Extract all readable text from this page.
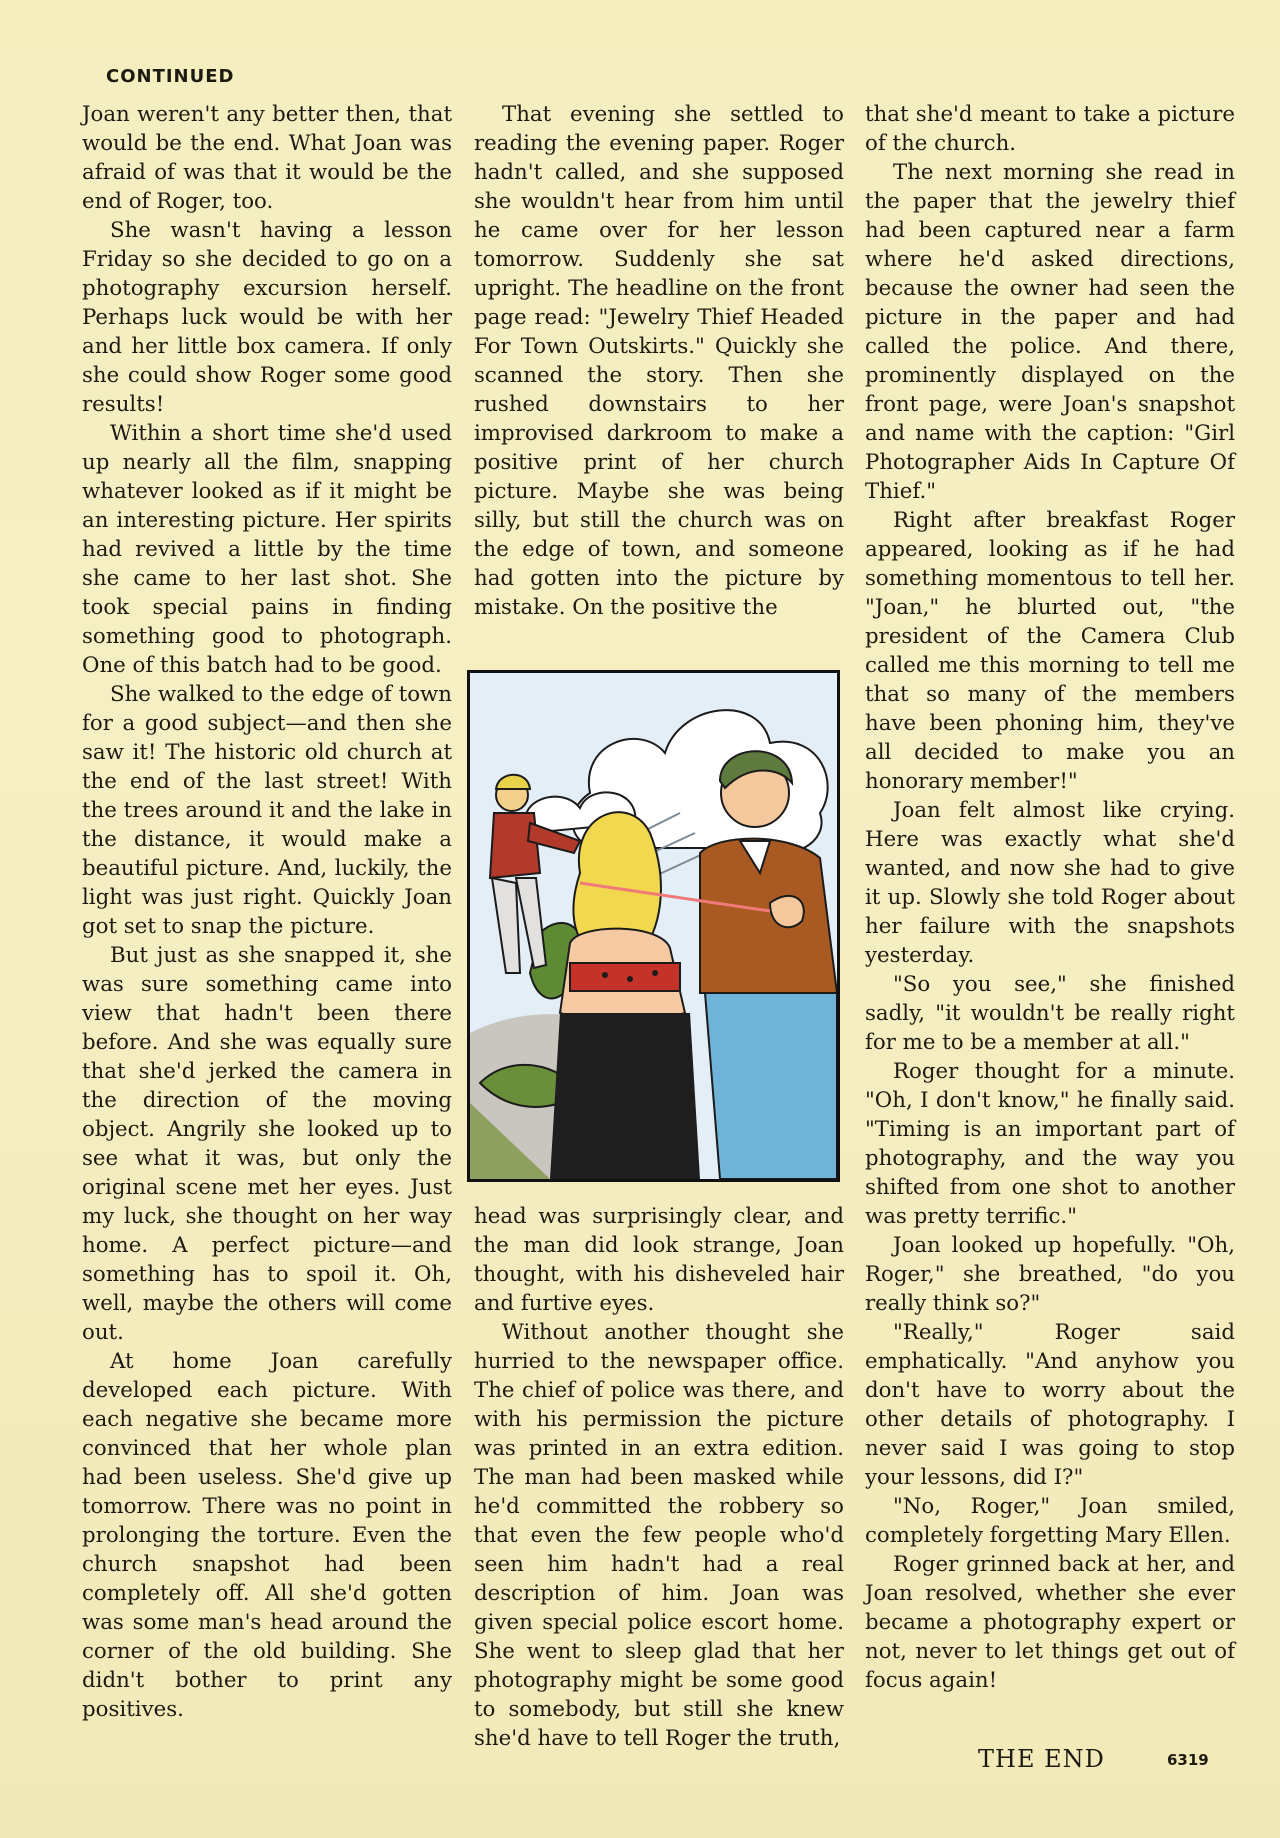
CONTINUED

Joan weren't any better then, that would be the end. What Joan was afraid of was that it would be the end of Roger, too.

She wasn't having a lesson Friday so she decided to go on a photography excursion herself. Perhaps luck would be with her and her little box camera. If only she could show Roger some good results!

Within a short time she'd used up nearly all the film, snapping whatever looked as if it might be an interesting picture. Her spirits had revived a little by the time she came to her last shot. She took special pains in finding something good to photograph. One of this batch had to be good.

She walked to the edge of town for a good subject—and then she saw it! The historic old church at the end of the last street! With the trees around it and the lake in the distance, it would make a beautiful picture. And, luckily, the light was just right. Quickly Joan got set to snap the picture.

But just as she snapped it, she was sure something came into view that hadn't been there before. And she was equally sure that she'd jerked the camera in the direction of the moving object. Angrily she looked up to see what it was, but only the original scene met her eyes. Just my luck, she thought on her way home. A perfect picture—and something has to spoil it. Oh, well, maybe the others will come out.

At home Joan carefully developed each picture. With each negative she became more convinced that her whole plan had been useless. She'd give up tomorrow. There was no point in prolonging the torture. Even the church snapshot had been completely off. All she'd gotten was some man's head around the corner of the old building. She didn't bother to print any positives.

That evening she settled to reading the evening paper. Roger hadn't called, and she supposed she wouldn't hear from him until he came over for her lesson tomorrow. Suddenly she sat upright. The headline on the front page read: "Jewelry Thief Headed For Town Outskirts." Quickly she scanned the story. Then she rushed downstairs to her improvised darkroom to make a positive print of her church picture. Maybe she was being silly, but still the church was on the edge of town, and someone had gotten into the picture by mistake. On the positive the

head was surprisingly clear, and the man did look strange, Joan thought, with his disheveled hair and furtive eyes.

Without another thought she hurried to the newspaper office. The chief of police was there, and with his permission the picture was printed in an extra edition. The man had been masked while he'd committed the robbery so that even the few people who'd seen him hadn't had a real description of him. Joan was given special police escort home. She went to sleep glad that her photography might be some good to somebody, but still she knew she'd have to tell Roger the truth,

that she'd meant to take a picture of the church.

The next morning she read in the paper that the jewelry thief had been captured near a farm where he'd asked directions, because the owner had seen the picture in the paper and had called the police. And there, prominently displayed on the front page, were Joan's snapshot and name with the caption: "Girl Photographer Aids In Capture Of Thief."

Right after breakfast Roger appeared, looking as if he had something momentous to tell her. "Joan," he blurted out, "the president of the Camera Club called me this morning to tell me that so many of the members have been phoning him, they've all decided to make you an honorary member!"

Joan felt almost like crying. Here was exactly what she'd wanted, and now she had to give it up. Slowly she told Roger about her failure with the snapshots yesterday.

"So you see," she finished sadly, "it wouldn't be really right for me to be a member at all."

Roger thought for a minute. "Oh, I don't know," he finally said. "Timing is an important part of photography, and the way you shifted from one shot to another was pretty terrific."

Joan looked up hopefully. "Oh, Roger," she breathed, "do you really think so?"

"Really," Roger said emphatically. "And anyhow you don't have to worry about the other details of photography. I never said I was going to stop your lessons, did I?"

"No, Roger," Joan smiled, completely forgetting Mary Ellen.

Roger grinned back at her, and Joan resolved, whether she ever became a photography expert or not, never to let things get out of focus again!

THE END	6319
